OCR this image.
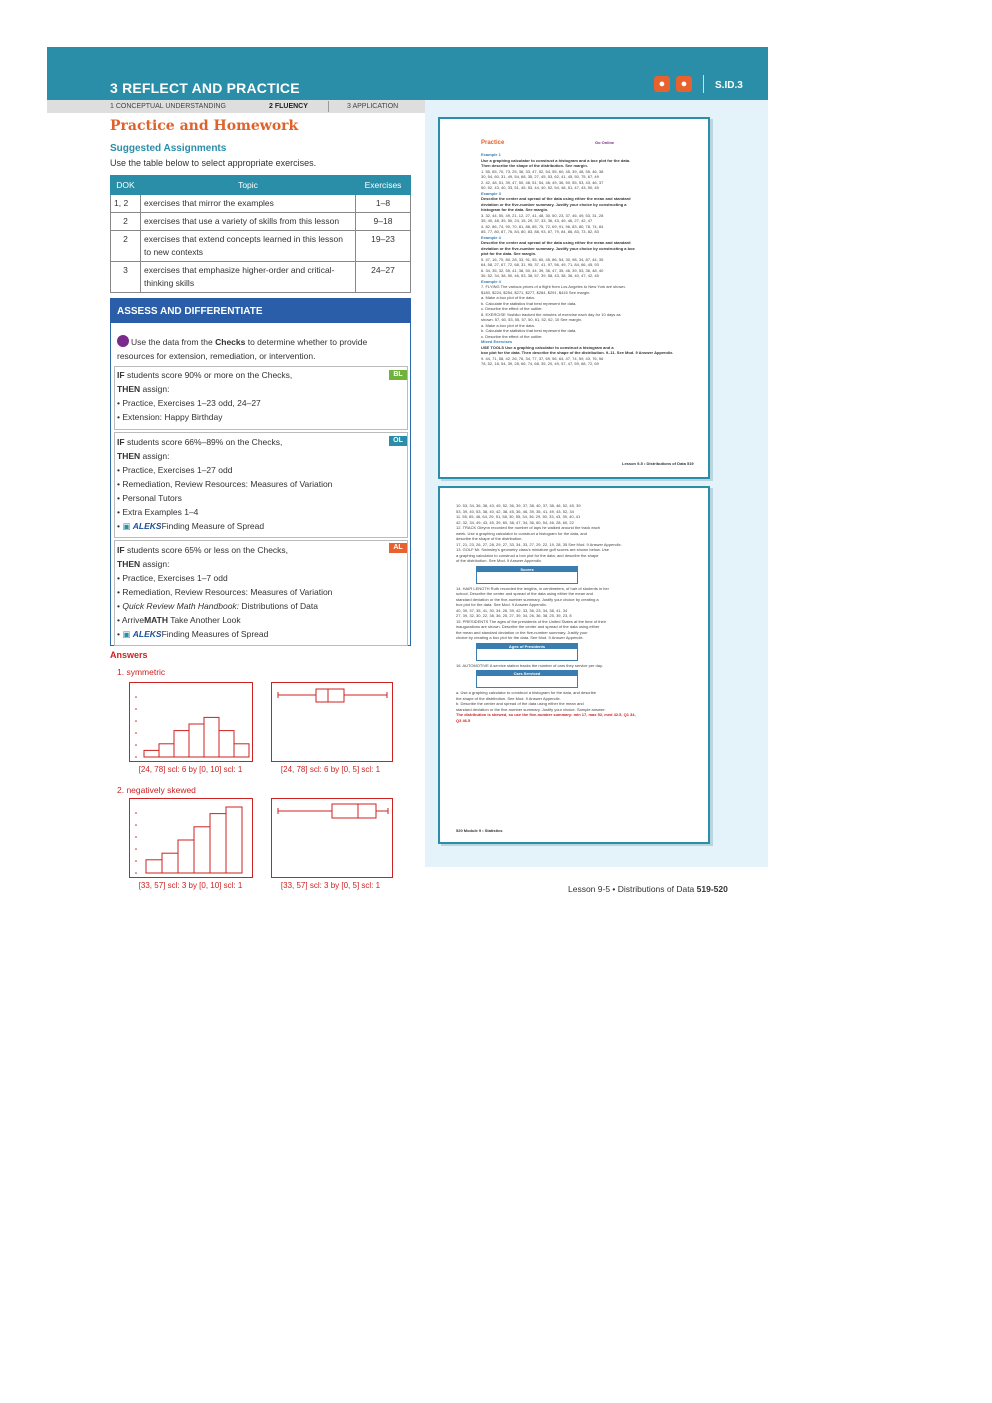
3 REFLECT AND PRACTICE	●	●	S.ID.3
1 CONCEPTUAL UNDERSTANDING	2 FLUENCY	3 APPLICATION
Practice and Homework
Suggested Assignments
Use the table below to select appropriate exercises.
DOK	Topic	Exercises
1, 2	exercises that mirror the examples	1–8
2	exercises that use a variety of skills from this lesson	9–18
2	exercises that extend concepts learned in this lesson to new contexts	19–23
3	exercises that emphasize higher-order and critical-thinking skills	24–27
ASSESS AND DIFFERENTIATE
Use the data from the Checks to determine whether to provide resources for extension, remediation, or intervention.
BL
IF students score 90% or more on the Checks,
THEN assign:
• Practice, Exercises 1–23 odd, 24–27
• Extension: Happy Birthday
OL
IF students score 66%–89% on the Checks,
THEN assign:
• Practice, Exercises 1–27 odd
• Remediation, Review Resources: Measures of Variation
• Personal Tutors
• Extra Examples 1–4
• ▣ ALEKSFinding Measure of Spread
AL
IF students score 65% or less on the Checks,
THEN assign:
• Practice, Exercises 1–7 odd
• Remediation, Review Resources: Measures of Variation
• Quick Review Math Handbook: Distributions of Data
• ArriveMATH Take Another Look
• ▣ ALEKSFinding Measures of Spread
Answers
1. symmetric
2. negatively skewed
[24, 78] scl: 6 by [0, 10] scl: 1	[24, 78] scl: 6 by [0, 5] scl: 1
[33, 57] scl: 3 by [0, 10] scl: 1	[33, 57] scl: 3 by [0, 5] scl: 1
Practice	Go Online
Example 1
Use a graphing calculator to construct a histogram and a box plot for the data.
Then describe the shape of the distribution. See margin.
1. 55, 65, 70, 73, 25, 36, 33, 47, 52, 54, 55, 60, 45, 39, 48, 55, 46, 38
30, 54, 60, 31, 49, 54, 68, 35, 27, 45, 53, 62, 41, 45, 50, 75, 67, 49
2. 42, 48, 51, 39, 47, 50, 48, 51, 54, 46, 49, 36, 50, 55, 53, 43, 46, 37
50, 52, 43, 40, 33, 51, 45, 53, 44, 40, 52, 54, 48, 51, 47, 43, 50, 45
Example 3
Describe the center and spread of the data using either the mean and standard
deviation or the five-number summary. Justify your choice by constructing a
histogram for the data. See margin.
3. 32, 44, 50, 49, 21, 12, 27, 41, 48, 30, 50, 23, 37, 46, 49, 53, 31, 28
35, 40, 48, 39, 50, 24, 15, 29, 37, 33, 36, 43, 49, 46, 27, 42, 47
4. 82, 86, 74, 90, 70, 81, 88, 85, 75, 72, 69, 91, 96, 83, 80, 78, 74, 84
85, 77, 80, 87, 76, 84, 80, 83, 88, 93, 87, 79, 84, 86, 83, 73, 82, 83
Example 4
Describe the center and spread of the data using either the mean and standard
deviation or the five-number summary. Justify your choice by constructing a box
plot for the data. See margin.
5. 47, 16, 70, 80, 28, 33, 91, 55, 60, 45, 86, 54, 30, 98, 34, 87, 44, 35
64, 58, 27, 67, 72, 68, 31, 95, 37, 41, 97, 56, 49, 71, 84, 66, 45, 93
6. 34, 35, 32, 55, 41, 38, 50, 44, 39, 36, 47, 35, 46, 39, 53, 36, 48, 40
36, 52, 34, 38, 50, 46, 53, 38, 57, 39, 58, 43, 38, 36, 40, 47, 42, 45
Example 4
7. FLYING The various prices of a flight from Los Angeles to New York are shown.
$183, $224, $254, $271, $277, $284, $291, $415 See margin.
a. Make a box plot of the data.
b. Calculate the statistics that best represent the data.
c. Describe the effect of the outlier.
8. EXERCISE Yoshiko tracked the minutes of exercise each day for 10 days as
shown. 57, 60, 53, 55, 57, 50, 61, 52, 62, 10 See margin.
a. Make a box plot of the data.
b. Calculate the statistics that best represent the data.
c. Describe the effect of the outlier.
Mixed Exercises
USE TOOLS Use a graphing calculator to construct a histogram and a
box plot for the data. Then describe the shape of the distribution. 9–11. See Mod. 9 Answer Appendix.
9. 44, 71, 58, 42, 26, 76, 34, 77, 37, 69, 56, 64, 47, 74, 59, 43, 76, 56
78, 52, 18, 54, 39, 28, 66, 74, 68, 35, 20, 49, 57, 47, 59, 68, 72, 69
Lesson 9-5 • Distributions of Data 519
10. 53, 34, 36, 38, 43, 49, 52, 36, 39, 37, 38, 40, 37, 38, 46, 52, 45, 39
53, 39, 40, 53, 38, 40, 42, 38, 45, 36, 46, 39, 35, 41, 49, 43, 52, 34
11. 55, 65, 46, 64, 29, 51, 58, 30, 55, 34, 36, 29, 50, 33, 43, 39, 40, 41
42, 32, 34, 49, 43, 45, 39, 60, 38, 47, 34, 36, 60, 54, 46, 28, 60, 22
12. TRACK Gleynn recorded the number of laps he walked around the track each
week. Use a graphing calculator to construct a histogram for the data, and
describe the shape of the distribution.
17, 21, 23, 26, 27, 28, 29, 27, 33, 34, 33, 27, 29, 22, 19, 28, 35 See Mod. 9 Answer Appendix.
13. GOLF Mr. Swinsley's geometry class's miniature golf scores are shown below. Use
a graphing calculator to construct a box plot for the data, and describe the shape
of the distribution. See Mod. 9 Answer Appendix.
Scores
14. HAIR LENGTH Ruth recorded the lengths, in centimeters, of hair of students in her
school. Describe the center and spread of the data using either the mean and
standard deviation or the five-number summary. Justify your choice by creating a
box plot for the data. See Mod. 9 Answer Appendix.
40, 39, 37, 35, 41, 30, 34, 26, 39, 42, 33, 36, 23, 34, 38, 41, 34
27, 39, 32, 30, 22, 38, 36, 25, 27, 39, 34, 26, 36, 38, 25, 39, 23, 8
15. PRESIDENTS The ages of the presidents of the United States at the time of their
inaugurations are shown. Describe the center and spread of the data using either
the mean and standard deviation or the five-number summary. Justify your
choice by creating a box plot for the data. See Mod. 9 Answer Appendix.
Ages of Presidents
16. AUTOMOTIVE A service station tracks the number of cars they service per day.
Cars Serviced
a. Use a graphing calculator to construct a histogram for the data, and describe
the shape of the distribution. See Mod. 9 Answer Appendix.
b. Describe the center and spread of the data using either the mean and
standard deviation or the five-number summary. Justify your choice. Sample answer:
The distribution is skewed, so use the five-number summary: min 17, max 52, med 42.5, Q1 34,
Q3 46.5
520 Module 9 • Statistics
Lesson 9-5 • Distributions of Data 519-520
